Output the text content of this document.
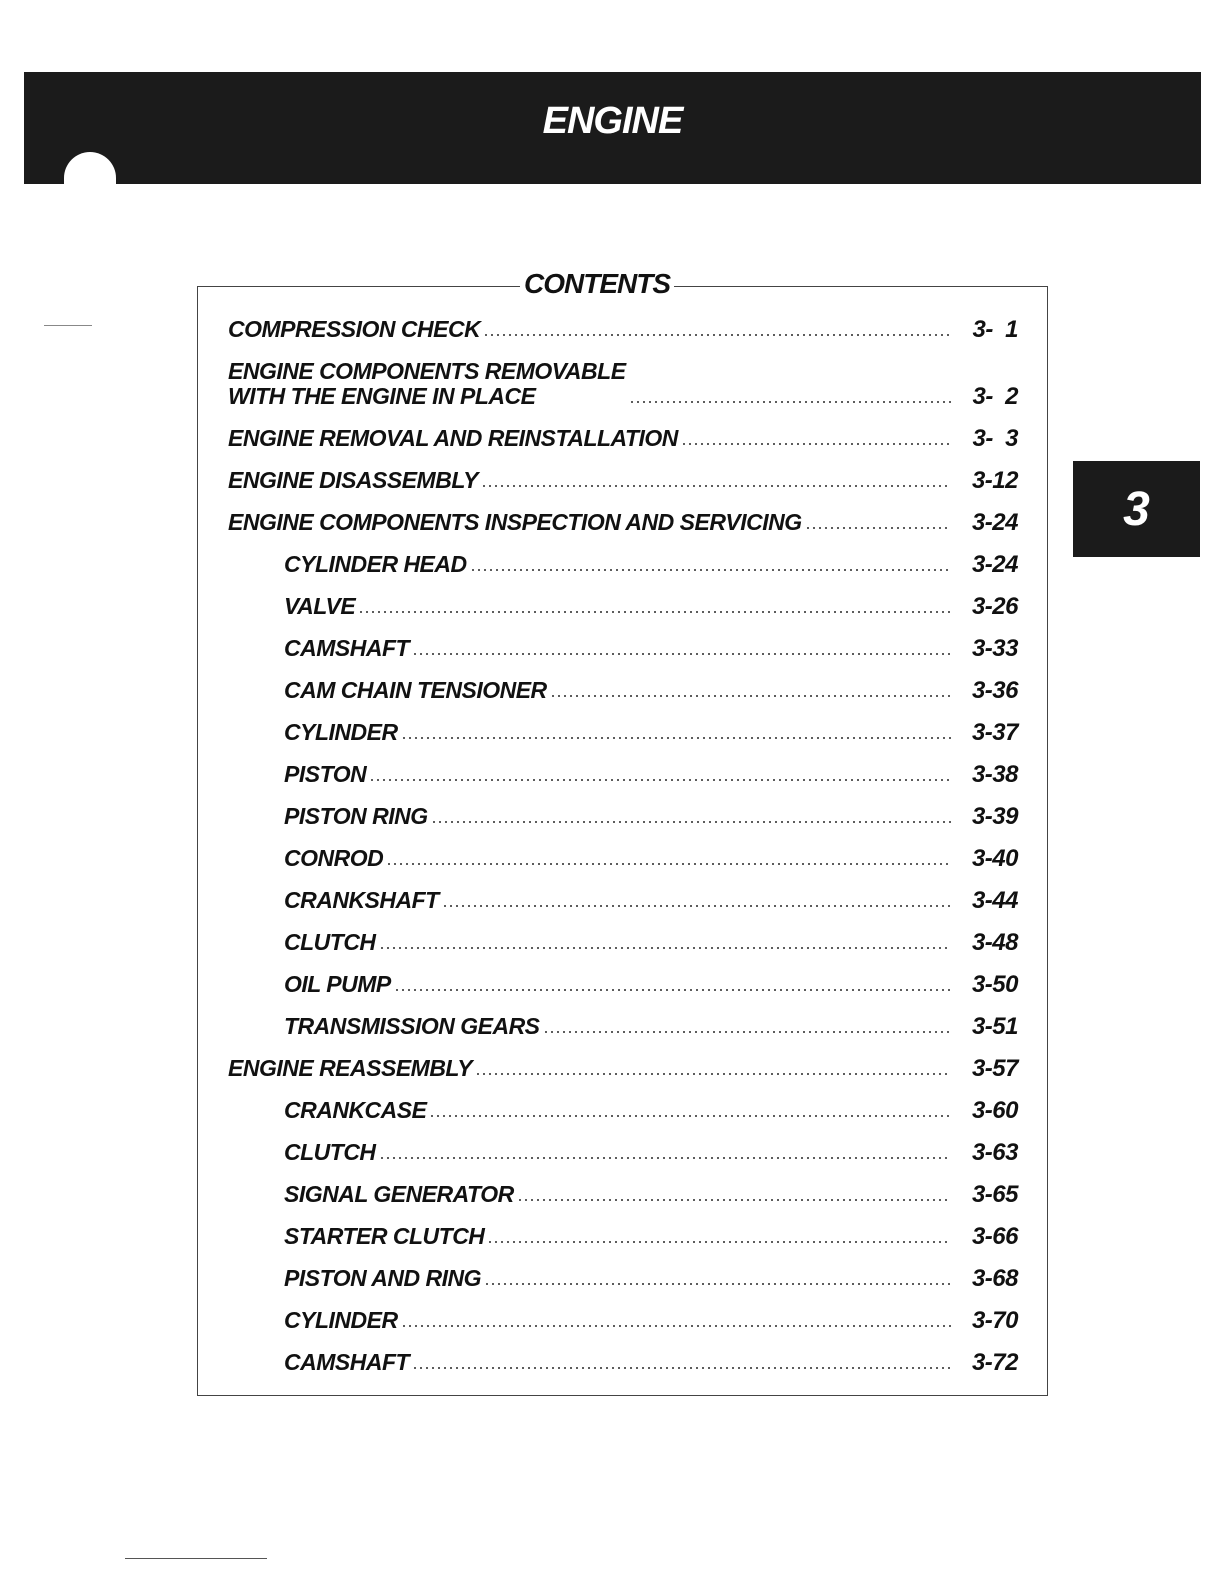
ENGINE
3
CONTENTS
COMPRESSION CHECK	3-  1
ENGINE COMPONENTS REMOVABLE
WITH THE ENGINE IN PLACE	3-  2
ENGINE REMOVAL AND REINSTALLATION	3-  3
ENGINE DISASSEMBLY	3-12
ENGINE COMPONENTS INSPECTION AND SERVICING	3-24
CYLINDER HEAD	3-24
VALVE	3-26
CAMSHAFT	3-33
CAM CHAIN TENSIONER	3-36
CYLINDER	3-37
PISTON	3-38
PISTON RING	3-39
CONROD	3-40
CRANKSHAFT	3-44
CLUTCH	3-48
OIL PUMP	3-50
TRANSMISSION GEARS	3-51
ENGINE REASSEMBLY	3-57
CRANKCASE	3-60
CLUTCH	3-63
SIGNAL GENERATOR	3-65
STARTER CLUTCH	3-66
PISTON AND RING	3-68
CYLINDER	3-70
CAMSHAFT	3-72
